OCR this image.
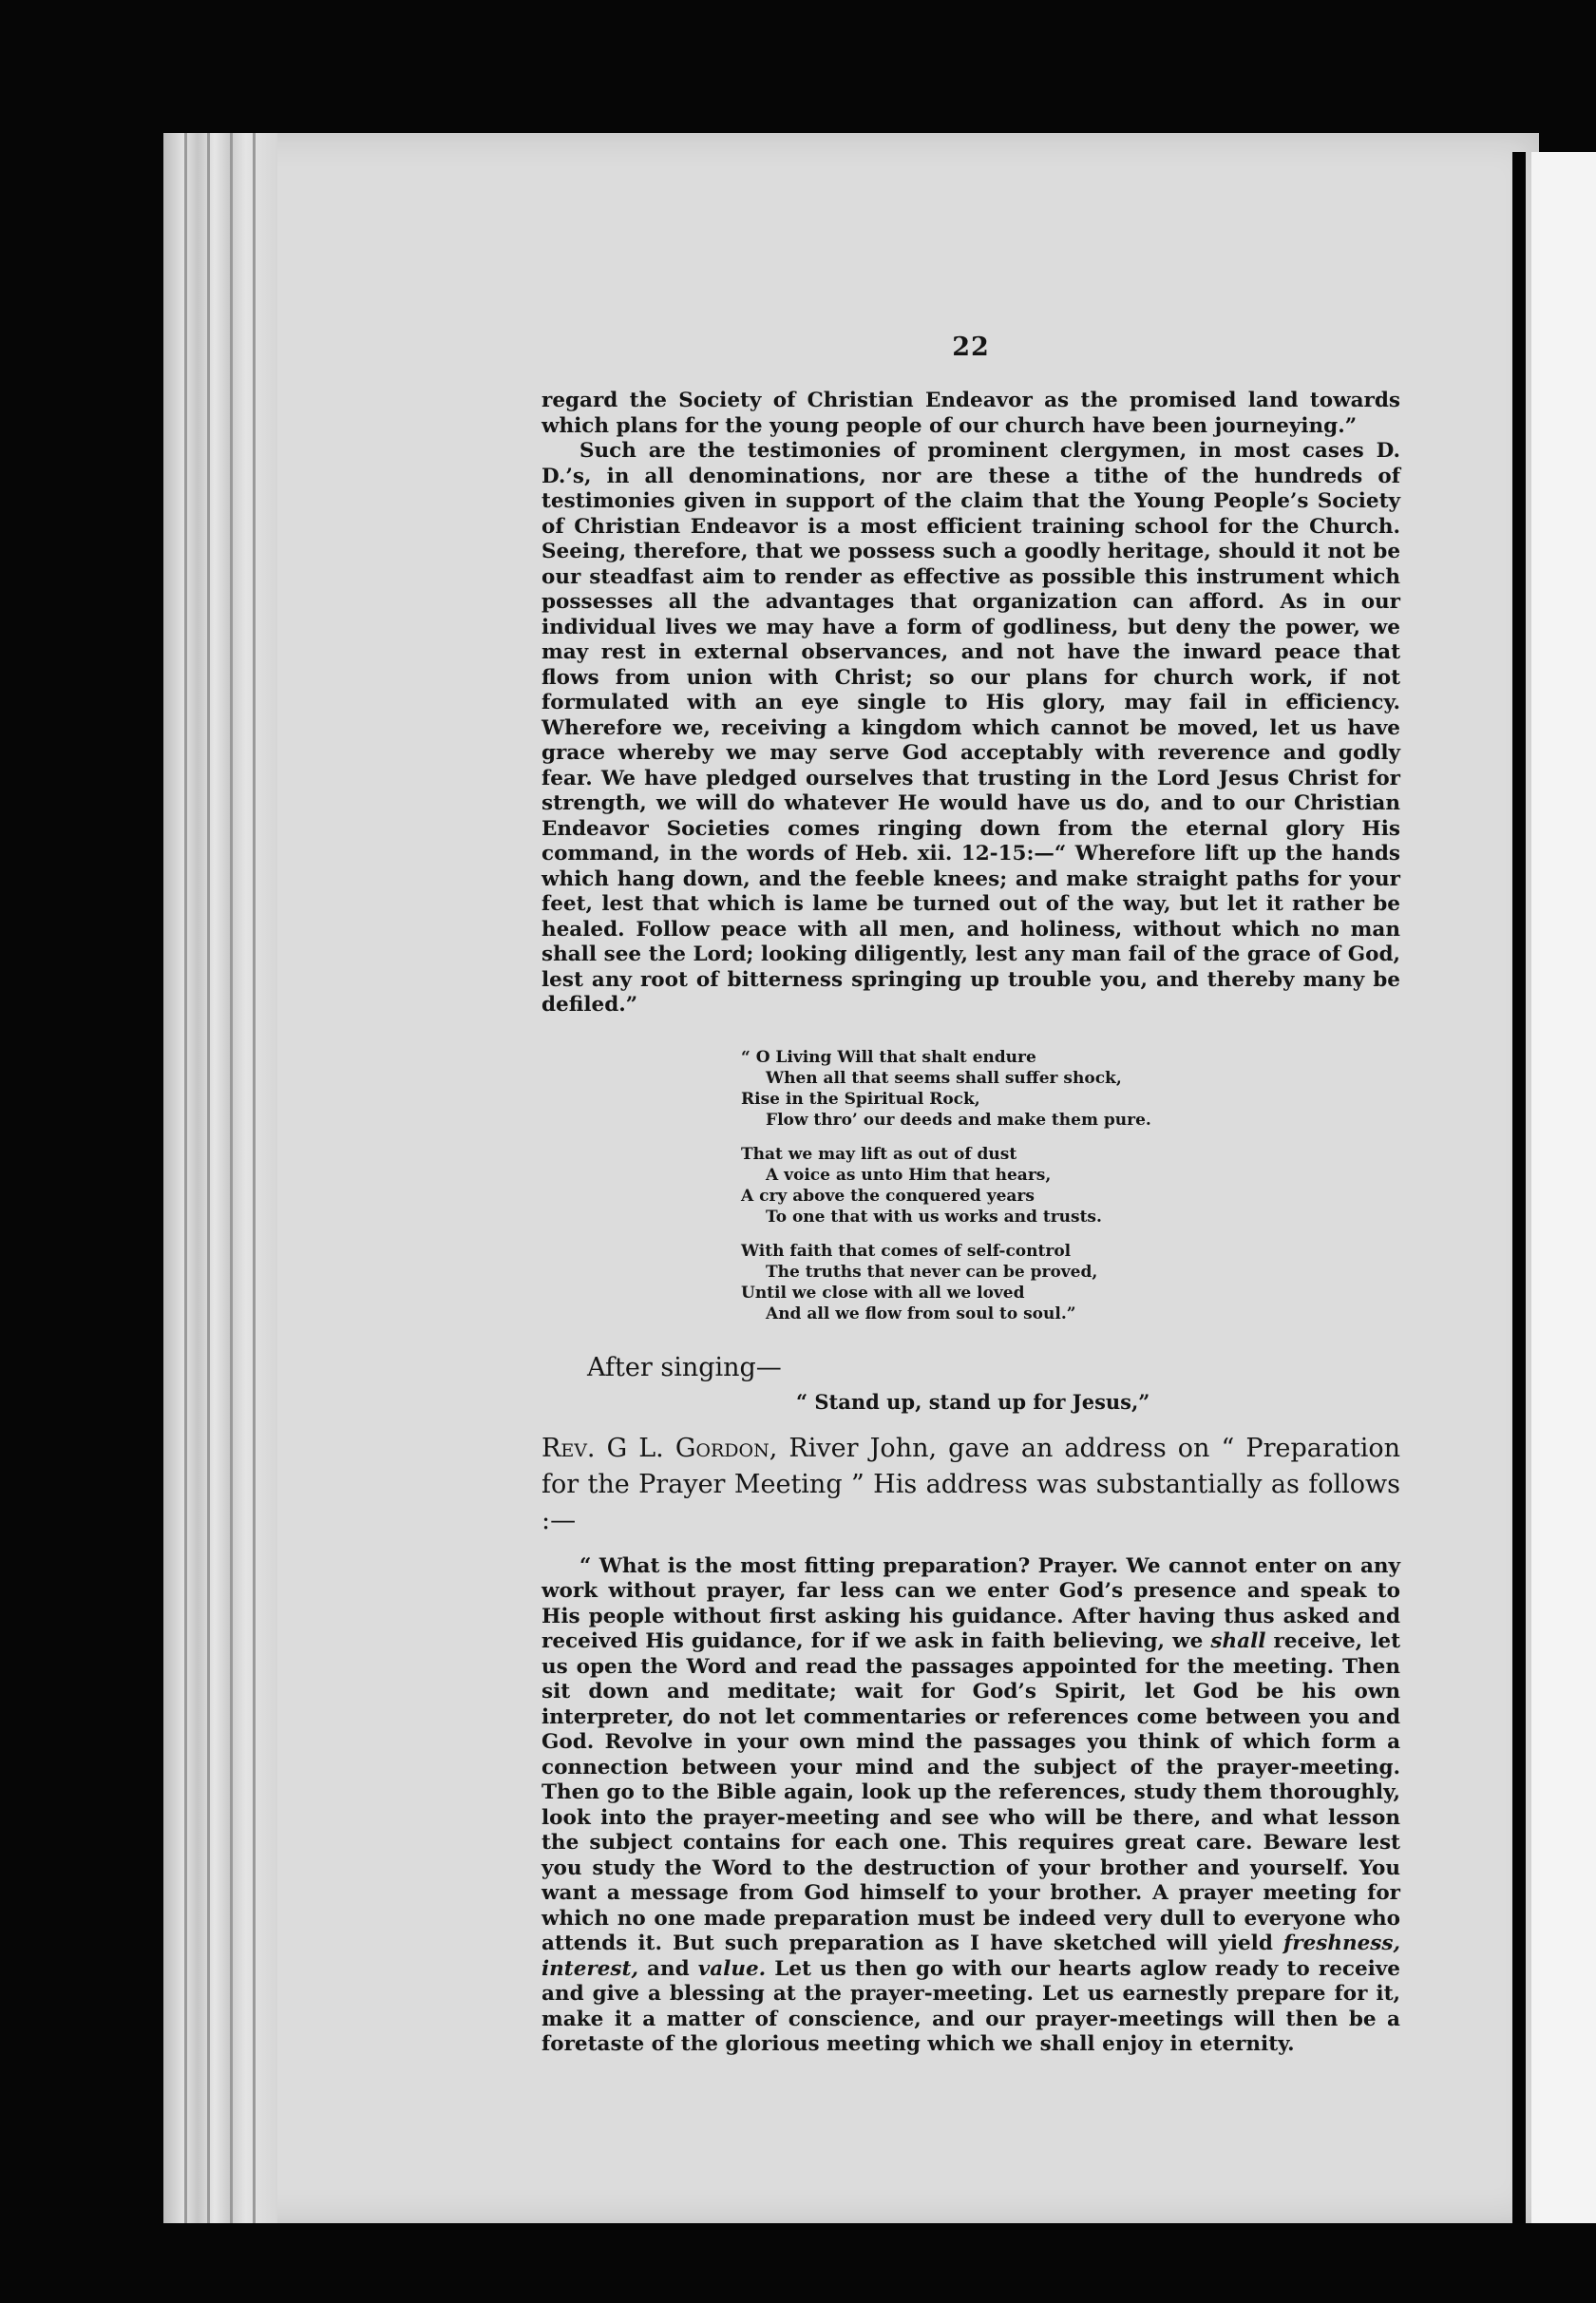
22

regard the Society of Christian Endeavor as the promised land towards which plans for the young people of our church have been journeying.”

Such are the testimonies of prominent clergymen, in most cases D. D.’s, in all denominations, nor are these a tithe of the hundreds of testimonies given in support of the claim that the Young People’s Society of Christian Endeavor is a most efficient training school for the Church. Seeing, therefore, that we possess such a goodly heritage, should it not be our steadfast aim to render as effective as possible this instrument which possesses all the advantages that organization can afford. As in our individual lives we may have a form of godliness, but deny the power, we may rest in external observances, and not have the inward peace that flows from union with Christ; so our plans for church work, if not formulated with an eye single to His glory, may fail in efficiency. Wherefore we, receiving a kingdom which cannot be moved, let us have grace whereby we may serve God acceptably with reverence and godly fear. We have pledged ourselves that trusting in the Lord Jesus Christ for strength, we will do whatever He would have us do, and to our Christian Endeavor Societies comes ringing down from the eternal glory His command, in the words of Heb. xii. 12-15:—“ Wherefore lift up the hands which hang down, and the feeble knees; and make straight paths for your feet, lest that which is lame be turned out of the way, but let it rather be healed. Follow peace with all men, and holiness, without which no man shall see the Lord; looking diligently, lest any man fail of the grace of God, lest any root of bitterness springing up trouble you, and thereby many be defiled.”

“ O Living Will that shalt endure
When all that seems shall suffer shock,
Rise in the Spiritual Rock,
Flow thro’ our deeds and make them pure.
That we may lift as out of dust
A voice as unto Him that hears,
A cry above the conquered years
To one that with us works and trusts.
With faith that comes of self-control
The truths that never can be proved,
Until we close with all we loved
And all we flow from soul to soul.”
After singing—
“ Stand up, stand up for Jesus,”
Rev. G L. Gordon, River John, gave an address on “ Preparation for the Prayer Meeting ” His address was substantially as follows :—
“ What is the most fitting preparation? Prayer. We cannot enter on any work without prayer, far less can we enter God’s presence and speak to His people without first asking his guidance. After having thus asked and received His guidance, for if we ask in faith believing, we shall receive, let us open the Word and read the passages appointed for the meeting. Then sit down and meditate; wait for God’s Spirit, let God be his own interpreter, do not let commentaries or references come between you and God. Revolve in your own mind the passages you think of which form a connection between your mind and the subject of the prayer-meeting. Then go to the Bible again, look up the references, study them thoroughly, look into the prayer-meeting and see who will be there, and what lesson the subject contains for each one. This requires great care. Beware lest you study the Word to the destruction of your brother and yourself. You want a message from God himself to your brother. A prayer meeting for which no one made preparation must be indeed very dull to everyone who attends it. But such preparation as I have sketched will yield freshness, interest, and value. Let us then go with our hearts aglow ready to receive and give a blessing at the prayer-meeting. Let us earnestly prepare for it, make it a matter of conscience, and our prayer-meetings will then be a foretaste of the glorious meeting which we shall enjoy in eternity.
